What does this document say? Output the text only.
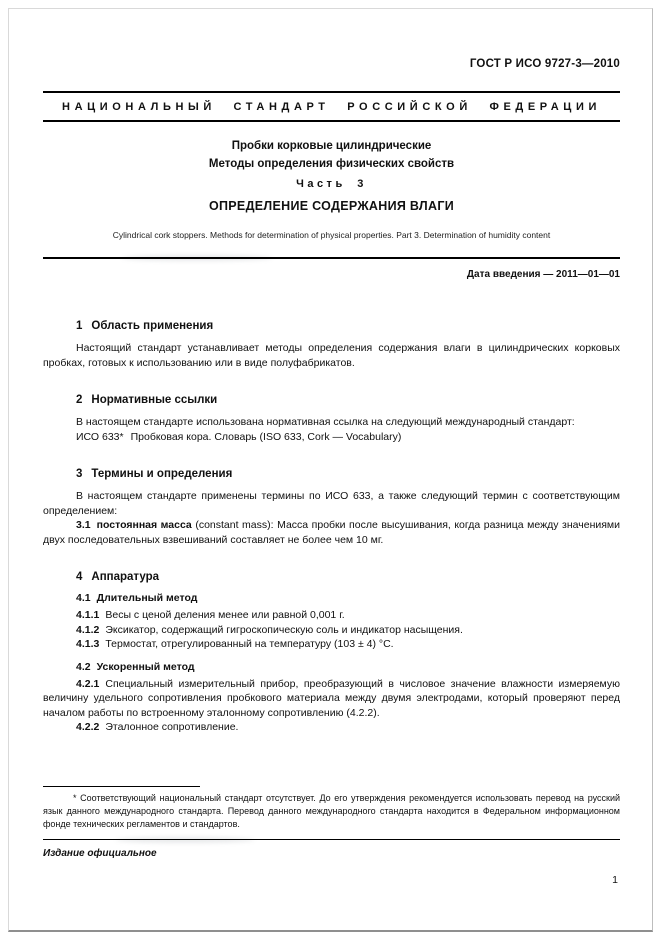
ГОСТ Р ИСО 9727-3—2010
НАЦИОНАЛЬНЫЙ СТАНДАРТ РОССИЙСКОЙ ФЕДЕРАЦИИ
Пробки корковые цилиндрические
Методы определения физических свойств
Часть 3
ОПРЕДЕЛЕНИЕ СОДЕРЖАНИЯ ВЛАГИ
Cylindrical cork stoppers. Methods for determination of physical properties. Part 3. Determination of humidity content
Дата введения — 2011—01—01
1 Область применения

Настоящий стандарт устанавливает методы определения содержания влаги в цилиндрических корковых пробках, готовых к использованию или в виде полуфабрикатов.

2 Нормативные ссылки

В настоящем стандарте использована нормативная ссылка на следующий международный стандарт:

ИСО 633* Пробковая кора. Словарь (ISO 633, Cork — Vocabulary)

3 Термины и определения

В настоящем стандарте применены термины по ИСО 633, а также следующий термин с соответствующим определением:

3.1 постоянная масса (constant mass): Масса пробки после высушивания, когда разница между значениями двух последовательных взвешиваний составляет не более чем 10 мг.

4 Аппаратура
4.1 Длительный метод

4.1.1 Весы с ценой деления менее или равной 0,001 г.

4.1.2 Эксикатор, содержащий гигроскопическую соль и индикатор насыщения.

4.1.3 Термостат, отрегулированный на температуру (103 ± 4) °С.

4.2 Ускоренный метод

4.2.1 Специальный измерительный прибор, преобразующий в числовое значение влажности измеряемую величину удельного сопротивления пробкового материала между двумя электродами, который проверяют перед началом работы по встроенному эталонному сопротивлению (4.2.2).

4.2.2 Эталонное сопротивление.

* Соответствующий национальный стандарт отсутствует. До его утверждения рекомендуется использовать перевод на русский язык данного международного стандарта. Перевод данного международного стандарта находится в Федеральном информационном фонде технических регламентов и стандартов.

Издание официальное
1
